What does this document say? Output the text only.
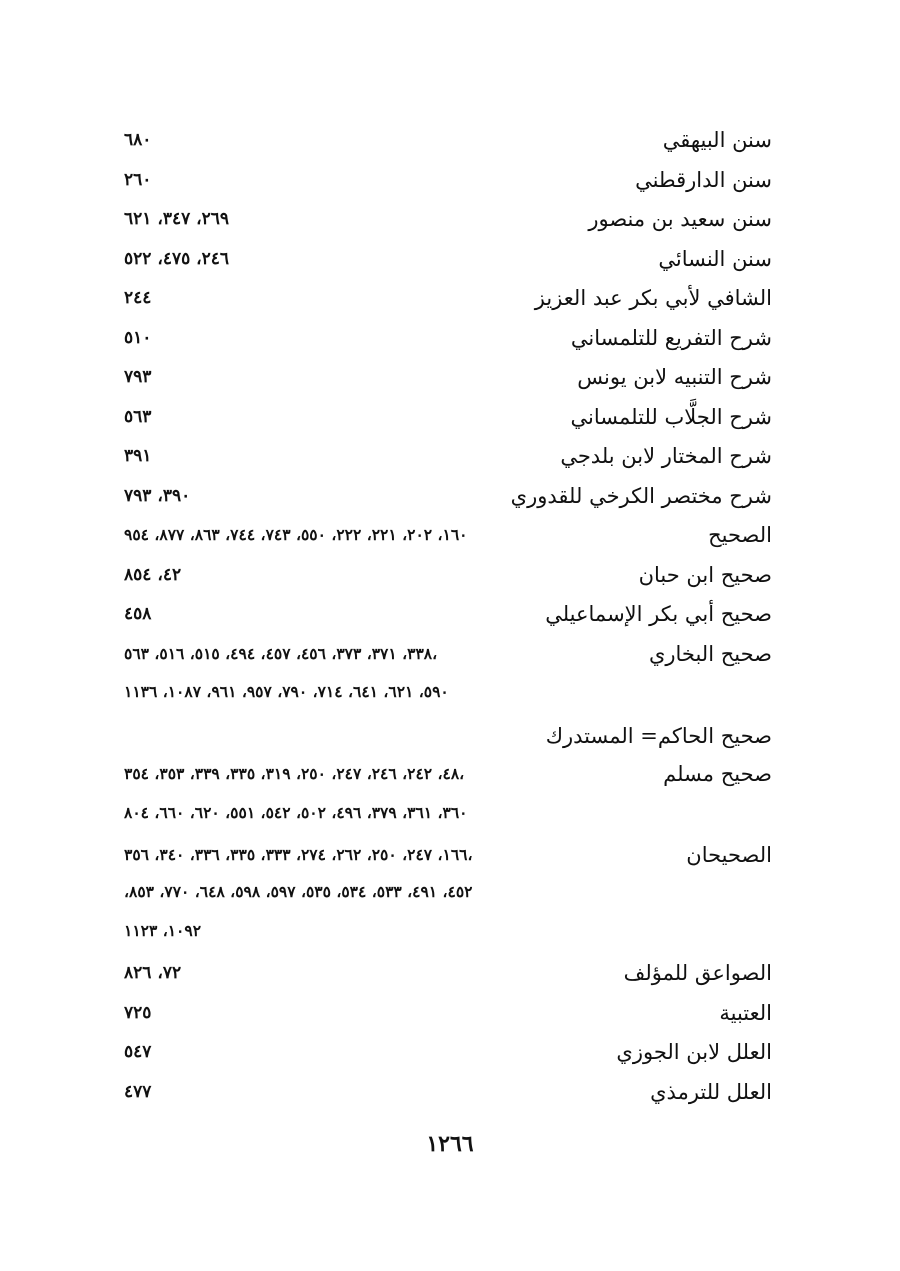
سنن البيهقي
٦٨٠
سنن الدارقطني
٢٦٠
سنن سعيد بن منصور
٢٦٩، ٣٤٧، ٦٢١
سنن النسائي
٢٤٦، ٤٧٥، ٥٢٢
الشافي لأبي بكر عبد العزيز
٢٤٤
شرح التفريع للتلمساني
٥١٠
شرح التنبيه لابن يونس
٧٩٣
شرح الجلَّاب للتلمساني
٥٦٣
شرح المختار لابن بلدجي
٣٩١
شرح مختصر الكرخي للقدوري
٣٩٠، ٧٩٣
الصحيح
١٦٠، ٢٠٢، ٢٢١، ٢٢٢، ٥٥٠، ٧٤٣، ٧٤٤، ٨٦٣، ٨٧٧، ٩٥٤
صحيح ابن حبان
٤٢، ٨٥٤
صحيح أبي بكر الإسماعيلي
٤٥٨
صحيح البخاري
٣٣٨، ٣٧١، ٣٧٣، ٤٥٦، ٤٥٧، ٤٩٤، ٥١٥، ٥١٦، ٥٦٣،
٥٩٠، ٦٢١، ٦٤١، ٧١٤، ٧٩٠، ٩٥٧، ٩٦١، ١٠٨٧، ١١٣٦
صحيح الحاكم= المستدرك
صحيح مسلم
٤٨، ٢٤٢، ٢٤٦، ٢٤٧، ٢٥٠، ٣١٩، ٣٣٥، ٣٣٩، ٣٥٣، ٣٥٤،
٣٦٠، ٣٦١، ٣٧٩، ٤٩٦، ٥٠٢، ٥٤٢، ٥٥١، ٦٢٠، ٦٦٠، ٨٠٤
الصحيحان
١٦٦، ٢٤٧، ٢٥٠، ٢٦٢، ٢٧٤، ٣٣٣، ٣٣٥، ٣٣٦، ٣٤٠، ٣٥٦،
٤٥٢، ٤٩١، ٥٣٣، ٥٣٤، ٥٣٥، ٥٩٧، ٥٩٨، ٦٤٨، ٧٧٠، ٨٥٣،
١٠٩٢، ١١٢٣
الصواعق للمؤلف
٧٢، ٨٢٦
العتبية
٧٢٥
العلل لابن الجوزي
٥٤٧
العلل للترمذي
٤٧٧
١٢٦٦
